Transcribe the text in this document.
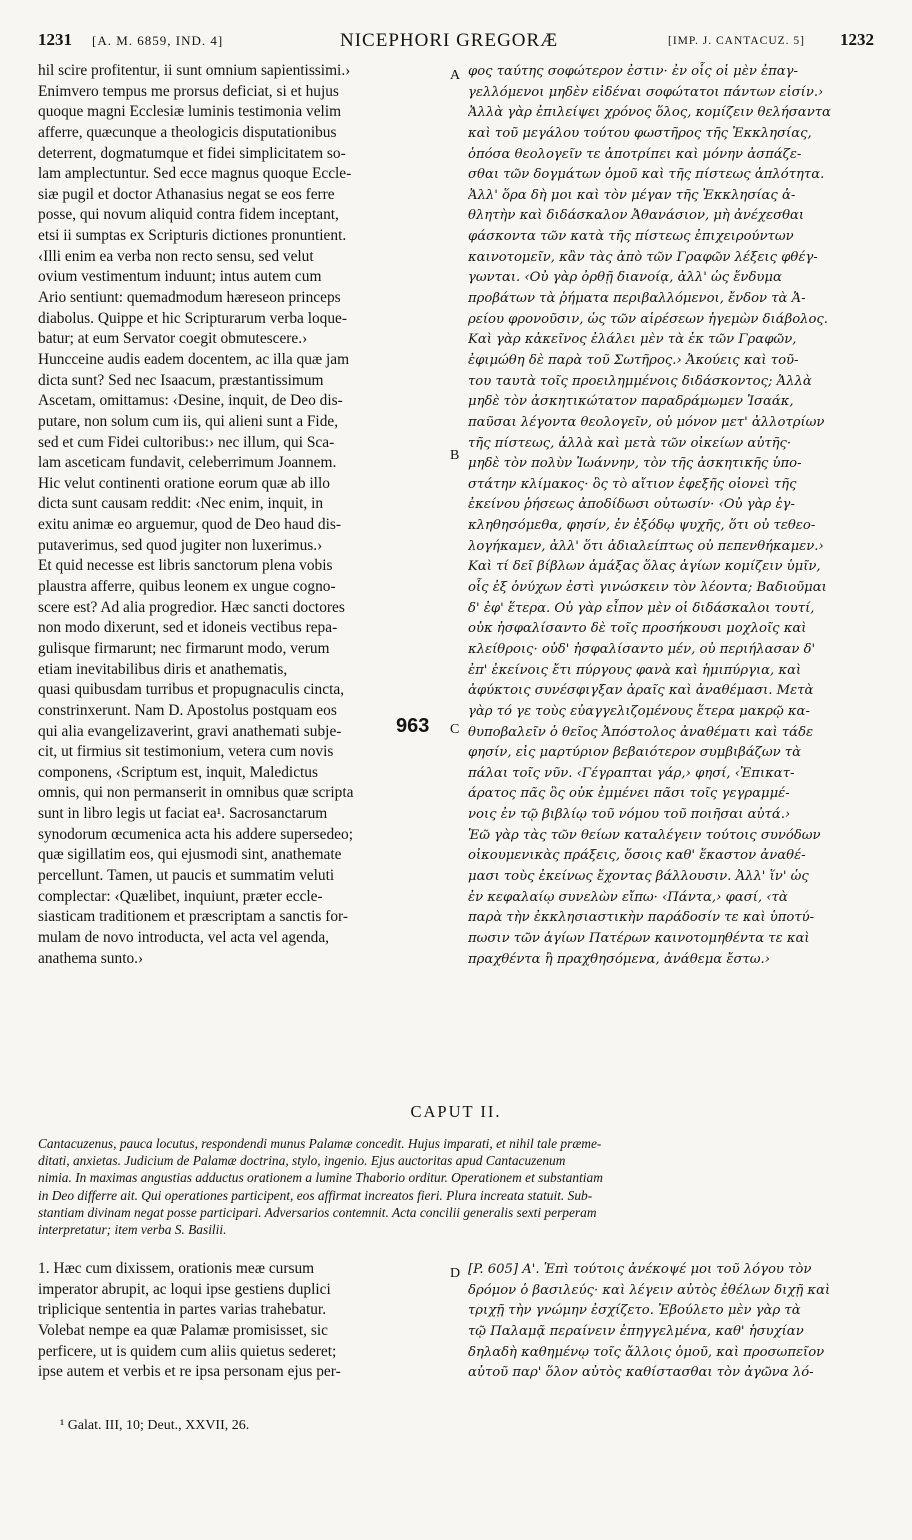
1231 [A. M. 6859, IND. 4]	NICEPHORI GREGORÆ	[IMP. J. CANTACUZ. 5] 1232
hil scire profitentur, ii sunt omnium sapientissimi.›
Enimvero tempus me prorsus deficiat, si et hujus
quoque magni Ecclesiæ luminis testimonia velim
afferre, quæcunque a theologicis disputationibus
deterrent, dogmatumque et fidei simplicitatem so-
lam amplectuntur. Sed ecce magnus quoque Eccle-
siæ pugil et doctor Athanasius negat se eos ferre
posse, qui novum aliquid contra fidem inceptant,
etsi ii sumptas ex Scripturis dictiones pronuntient.
‹Illi enim ea verba non recto sensu, sed velut
ovium vestimentum induunt; intus autem cum
Ario sentiunt: quemadmodum hæreseon princeps
diabolus. Quippe et hic Scripturarum verba loque-
batur; at eum Servator coegit obmutescere.›
Huncceine audis eadem docentem, ac illa quæ jam
dicta sunt? Sed nec Isaacum, præstantissimum
Ascetam, omittamus: ‹Desine, inquit, de Deo dis-
putare, non solum cum iis, qui alieni sunt a Fide,
sed et cum Fidei cultoribus:› nec illum, qui Sca-
lam asceticam fundavit, celeberrimum Joannem.
Hic velut continenti oratione eorum quæ ab illo
dicta sunt causam reddit: ‹Nec enim, inquit, in
exitu animæ eo arguemur, quod de Deo haud dis-
putaverimus, sed quod jugiter non luxerimus.›
Et quid necesse est libris sanctorum plena vobis
plaustra afferre, quibus leonem ex ungue cogno-
scere est? Ad alia progredior. Hæc sancti doctores
non modo dixerunt, sed et idoneis vectibus repa-
gulisque firmarunt; nec firmarunt modo, verum
etiam inevitabilibus diris et anathematis,
quasi quibusdam turribus et propugnaculis cincta,
constrinxerunt. Nam D. Apostolus postquam eos
qui alia evangelizaverint, gravi anathemati subje-
cit, ut firmius sit testimonium, vetera cum novis
componens, ‹Scriptum est, inquit, Maledictus
omnis, qui non permanserit in omnibus quæ scripta
sunt in libro legis ut faciat ea¹. Sacrosanctarum
synodorum œcumenica acta his addere supersedeo;
quæ sigillatim eos, qui ejusmodi sint, anathemate
percellunt. Tamen, ut paucis et summatim veluti
complectar: ‹Quælibet, inquiunt, præter eccle-
siasticam traditionem et præscriptam a sanctis for-
mulam de novo introducta, vel acta vel agenda,
anathema sunto.›
φος ταύτης σοφώτερον ἐστιν· ἐν οἷς οἱ μὲν ἐπαγ-
γελλόμενοι μηδὲν εἰδέναι σοφώτατοι πάντων εἰσίν.›
Ἀλλὰ γὰρ ἐπιλείψει χρόνος ὅλος, κομίζειν θελήσαντα
καὶ τοῦ μεγάλου τούτου φωστῆρος τῆς Ἐκκλησίας,
ὁπόσα θεολογεῖν τε ἀποτρίπει καὶ μόνην ἀσπάζε-
σθαι τῶν δογμάτων ὁμοῦ καὶ τῆς πίστεως ἁπλότητα.
Ἀλλ' ὅρα δὴ μοι καὶ τὸν μέγαν τῆς Ἐκκλησίας ἀ-
θλητὴν καὶ διδάσκαλον Ἀθανάσιον, μὴ ἀνέχεσθαι
φάσκοντα τῶν κατὰ τῆς πίστεως ἐπιχειρούντων
καινοτομεῖν, κἂν τὰς ἀπὸ τῶν Γραφῶν λέξεις φθέγ-
γωνται. ‹Οὐ γὰρ ὀρθῇ διανοίᾳ, ἀλλ' ὡς ἔνδυμα
προβάτων τὰ ῥήματα περιβαλλόμενοι, ἔνδον τὰ Ἀ-
ρείου φρονοῦσιν, ὡς τῶν αἱρέσεων ἡγεμὼν διάβολος.
Καὶ γὰρ κἀκεῖνος ἐλάλει μὲν τὰ ἐκ τῶν Γραφῶν,
ἐφιμώθη δὲ παρὰ τοῦ Σωτῆρος.› Ἀκούεις καὶ τοῦ-
του ταυτὰ τοῖς προειλημμένοις διδάσκοντος; Ἀλλὰ
μηδὲ τὸν ἀσκητικώτατον παραδράμωμεν Ἰσαάκ,
παῦσαι λέγοντα θεολογεῖν, οὐ μόνον μετ' ἀλλοτρίων
τῆς πίστεως, ἀλλὰ καὶ μετὰ τῶν οἰκείων αὐτῆς·
μηδὲ τὸν πολὺν Ἰωάννην, τὸν τῆς ἀσκητικῆς ὑπο-
στάτην κλίμακος· ὃς τὸ αἴτιον ἐφεξῆς οἰονεὶ τῆς
ἐκείνου ῥήσεως ἀποδίδωσι οὑτωσίν· ‹Οὐ γὰρ ἐγ-
κληθησόμεθα, φησίν, ἐν ἐξόδῳ ψυχῆς, ὅτι οὐ τεθεο-
λογήκαμεν, ἀλλ' ὅτι ἀδιαλείπτως οὐ πεπενθήκαμεν.›
Καὶ τί δεῖ βίβλων ἁμάξας ὅλας ἁγίων κομίζειν ὑμῖν,
οἷς ἐξ ὀνύχων ἐστὶ γινώσκειν τὸν λέοντα; Βαδιοῦμαι
δ' ἐφ' ἕτερα. Οὐ γὰρ εἶπον μὲν οἱ διδάσκαλοι τουτί,
οὐκ ἠσφαλίσαντο δὲ τοῖς προσήκουσι μοχλοῖς καὶ
κλείθροις· οὐδ' ἠσφαλίσαντο μέν, οὐ περιήλασαν δ'
ἐπ' ἐκείνοις ἔτι πύργους φανὰ καὶ ἡμιπύργια, καὶ
ἀφύκτοις συνέσφιγξαν ἀραῖς καὶ ἀναθέμασι. Μετὰ
γὰρ τό γε τοὺς εὐαγγελιζομένους ἕτερα μακρῷ κα-
θυποβαλεῖν ὁ θεῖος Ἀπόστολος ἀναθέματι καὶ τάδε
φησίν, εἰς μαρτύριον βεβαιότερον συμβιβάζων τὰ
πάλαι τοῖς νῦν. ‹Γέγραπται γάρ,› φησί, ‹Ἐπικατ-
άρατος πᾶς ὃς οὐκ ἐμμένει πᾶσι τοῖς γεγραμμέ-
νοις ἐν τῷ βιβλίῳ τοῦ νόμου τοῦ ποιῆσαι αὐτά.›
Ἐῶ γὰρ τὰς τῶν θείων καταλέγειν τούτοις συνόδων
οἰκουμενικὰς πράξεις, ὅσοις καθ' ἕκαστον ἀναθέ-
μασι τοὺς ἐκείνως ἔχοντας βάλλουσιν. Ἀλλ' ἵν' ὡς
ἐν κεφαλαίῳ συνελὼν εἴπω· ‹Πάντα,› φασί, ‹τὰ
παρὰ τὴν ἐκκλησιαστικὴν παράδοσίν τε καὶ ὑποτύ-
πωσιν τῶν ἁγίων Πατέρων καινοτομηθέντα τε καὶ
πραχθέντα ἢ πραχθησόμενα, ἀνάθεμα ἔστω.›
A
B
C
D
963
CAPUT II.
Cantacuzenus, pauca locutus, respondendi munus Palamæ concedit. Hujus imparati, et nihil tale præme-
ditati, anxietas. Judicium de Palamæ doctrina, stylo, ingenio. Ejus auctoritas apud Cantacuzenum
nimia. In maximas angustias adductus orationem a lumine Thaborio orditur. Operationem et substantiam
in Deo differre ait. Qui operationes participent, eos affirmat increatos fieri. Plura increata statuit. Sub-
stantiam divinam negat posse participari. Adversarios contemnit. Acta concilii generalis sexti perperam
interpretatur; item verba S. Basilii.
1. Hæc cum dixissem, orationis meæ cursum
imperator abrupit, ac loqui ipse gestiens duplici
triplicique sententia in partes varias trahebatur.
Volebat nempe ea quæ Palamæ promisisset, sic
perficere, ut is quidem cum aliis quietus sederet;
ipse autem et verbis et re ipsa personam ejus per-
[P. 605] Α'. Ἐπὶ τούτοις ἀνέκοψέ μοι τοῦ λόγου τὸν
δρόμον ὁ βασιλεύς· καὶ λέγειν αὐτὸς ἐθέλων διχῇ καὶ
τριχῇ τὴν γνώμην ἐσχίζετο. Ἐβούλετο μὲν γὰρ τὰ
τῷ Παλαμᾷ περαίνειν ἐπηγγελμένα, καθ' ἡσυχίαν
δηλαδὴ καθημένῳ τοῖς ἄλλοις ὁμοῦ, καὶ προσωπεῖον
αὐτοῦ παρ' ὅλον αὐτὸς καθίστασθαι τὸν ἀγῶνα λό-
¹ Galat. III, 10; Deut., XXVII, 26.
